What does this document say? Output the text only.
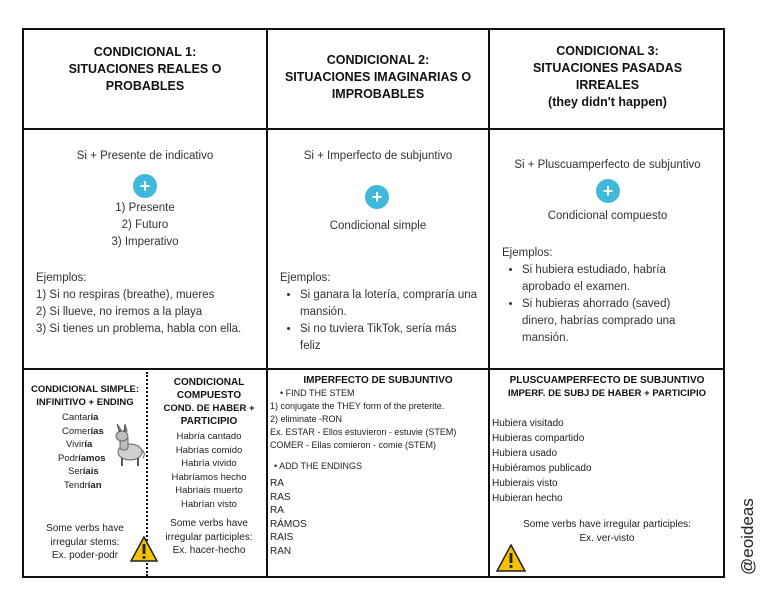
CONDICIONAL 1:
SITUACIONES REALES O
PROBABLES
CONDICIONAL 2:
SITUACIONES IMAGINARIAS O
IMPROBABLES
CONDICIONAL 3:
SITUACIONES PASADAS
IRREALES
(they didn't happen)
Si + Presente de indicativo
+
1) Presente
2) Futuro
3) Imperativo
Ejemplos:
1) Si no respiras (breathe), mueres
2) Si llueve, no iremos a la playa
3) Si tienes un problema, habla con ella.
Si + Imperfecto de subjuntivo
+
Condicional simple
Ejemplos:
• Si ganara la lotería, compraría una mansión.
• Si no tuviera TikTok, sería más feliz
Si + Pluscuamperfecto de subjuntivo
+
Condicional compuesto
Ejemplos:
• Si hubiera estudiado, habría aprobado el examen.
• Si hubieras ahorrado (saved) dinero, habrías comprado una mansión.
CONDICIONAL SIMPLE:
INFINITIVO + ENDING
Cantaría
Comerías
Viviría
Podríamos
Seríais
Tendrían
Some verbs have
irregular stems:
Ex. poder-podr
CONDICIONAL
COMPUESTO
COND. DE HABER +
PARTICIPIO
Habría cantado
Habrías comido
Habría vivido
Habríamos hecho
Habríais muerto
Habrían visto
Some verbs have
irregular participles:
Ex. hacer-hecho
IMPERFECTO DE SUBJUNTIVO
• FIND THE STEM
1) conjugate the THEY form of the preterite.
2) eliminate -RON
Ex. ESTAR - Ellos estuvieron - estuvie (STEM)
COMER - Ellas comieron - comie (STEM)
• ADD THE ENDINGS
RA
RAS
RA
RÁMOS
RAIS
RAN
PLUSCUAMPERFECTO DE SUBJUNTIVO
IMPERF. DE SUBJ DE HABER + PARTICIPIO
Hubiera visitado
Hubieras compartido
Hubiera usado
Hubiéramos publicado
Hubierais visto
Hubieran hecho
Some verbs have irregular participles:
Ex. ver-visto	@eoideas
